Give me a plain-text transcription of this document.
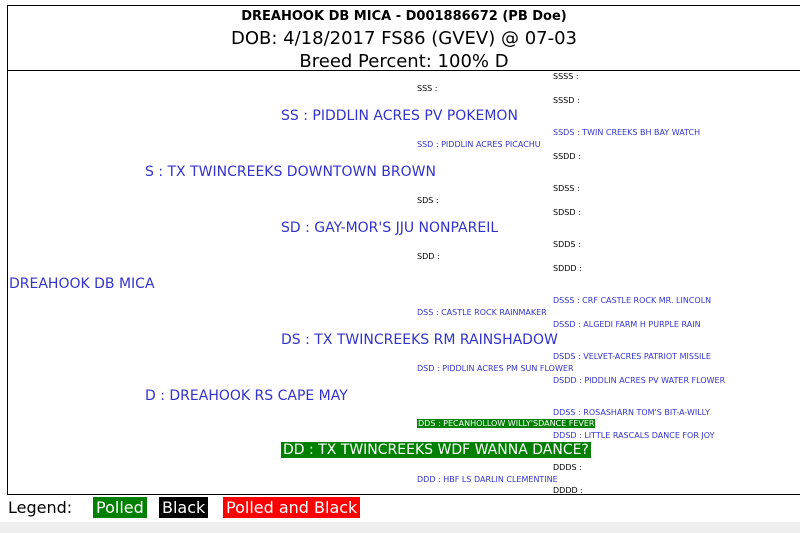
DREAHOOK DB MICA - D001886672 (PB Doe)
DOB: 4/18/2017 FS86 (GVEV) @ 07-03
Breed Percent: 100% D
SSSS :
SSS :
SSSD :
SS : PIDDLIN ACRES PV POKEMON
SSDS : TWIN CREEKS BH BAY WATCH
SSD : PIDDLIN ACRES PICACHU
SSDD :
S : TX TWINCREEKS DOWNTOWN BROWN
SDSS :
SDS :
SDSD :
SD : GAY-MOR'S JJU NONPAREIL
SDDS :
SDD :
SDDD :
DREAHOOK DB MICA
DSSS : CRF CASTLE ROCK MR. LINCOLN
DSS : CASTLE ROCK RAINMAKER
DSSD : ALGEDI FARM H PURPLE RAIN
DS : TX TWINCREEKS RM RAINSHADOW
DSDS : VELVET-ACRES PATRIOT MISSILE
DSD : PIDDLIN ACRES PM SUN FLOWER
DSDD : PIDDLIN ACRES PV WATER FLOWER
D : DREAHOOK RS CAPE MAY
DDSS : ROSASHARN TOM'S BIT-A-WILLY
DDS : PECANHOLLOW WILLY'SDANCE FEVER
DDSD : LITTLE RASCALS DANCE FOR JOY
DD : TX TWINCREEKS WDF WANNA DANCE?
DDDS :
DDD : HBF LS DARLIN CLEMENTINE
DDDD :
Legend: Polled Black Polled and Black
